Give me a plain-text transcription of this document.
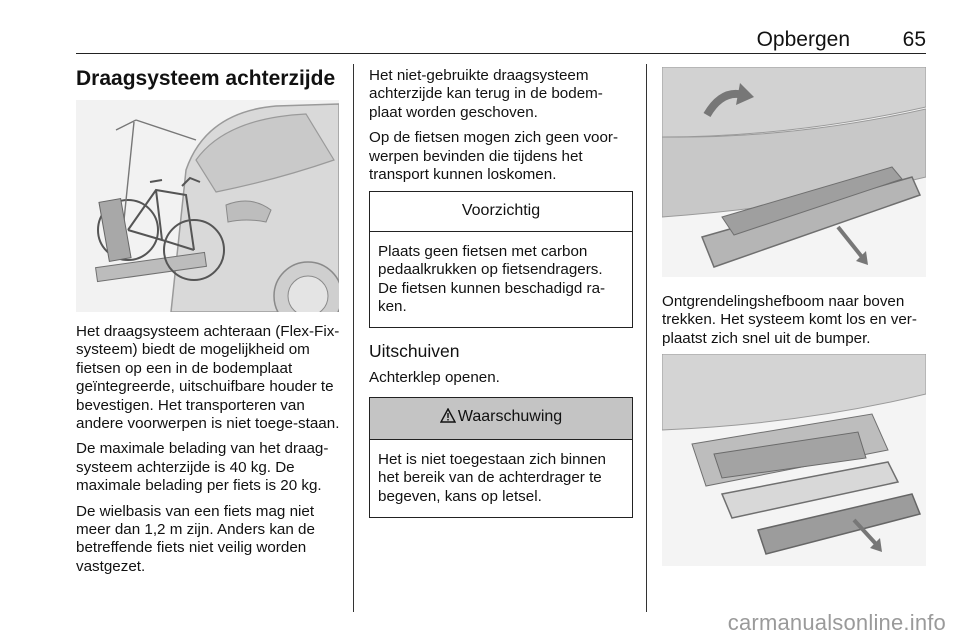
Opbergen	65
Draagsysteem achterzijde

Het draagsysteem achteraan (Flex-Fix-systeem) biedt de mogelijkheid om fietsen op een in de bodemplaat geïntegreerde, uitschuifbare houder te bevestigen. Het transporteren van andere voorwerpen is niet toege-staan.

De maximale belading van het draag-systeem achterzijde is 40 kg. De maximale belading per fiets is 20 kg.

De wielbasis van een fiets mag niet meer dan 1,2 m zijn. Anders kan de betreffende fiets niet veilig worden vastgezet.

Het niet-gebruikte draagsysteem achterzijde kan terug in de bodem-plaat worden geschoven.

Op de fietsen mogen zich geen voor-werpen bevinden die tijdens het transport kunnen loskomen.

Voorzichtig
Plaats geen fietsen met carbon pedaalkrukken op fietsendragers. De fietsen kunnen beschadigd ra-ken.
Uitschuiven

Achterklep openen.

Waarschuwing
Het is niet toegestaan zich binnen het bereik van de achterdrager te begeven, kans op letsel.

Ontgrendelingshefboom naar boven trekken. Het systeem komt los en ver-plaatst zich snel uit de bumper.

carmanualsonline.info
